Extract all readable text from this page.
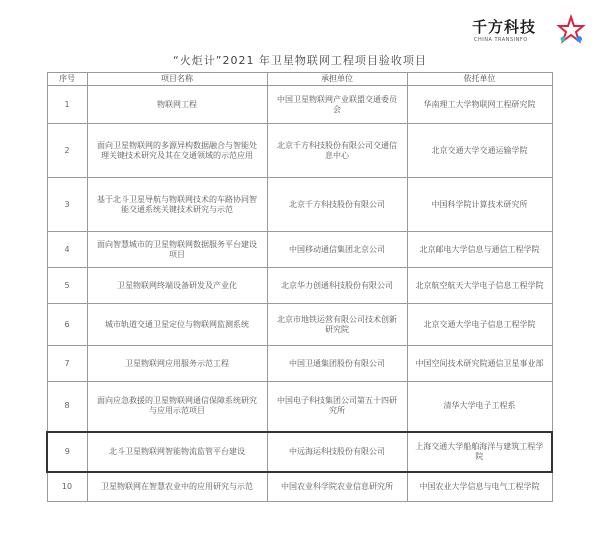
千方科技
CHINA TRANSINFO
“火炬计”2021 年卫星物联网工程项目验收项目
序号	项目名称	承担单位	依托单位
1	物联网工程	中国卫星物联网产业联盟交通委员会	华南理工大学物联网工程研究院
2	面向卫星物联网的多源异构数据融合与智能处理关键技术研究及其在交通领域的示范应用	北京千方科技股份有限公司交通信息中心	北京交通大学交通运输学院
3	基于北斗卫星导航与物联网技术的车路协同智能交通系统关键技术研究与示范	北京千方科技股份有限公司	中国科学院计算技术研究所
4	面向智慧城市的卫星物联网数据服务平台建设项目	中国移动通信集团北京公司	北京邮电大学信息与通信工程学院
5	卫星物联网终端设备研发及产业化	北京华力创通科技股份有限公司	北京航空航天大学电子信息工程学院
6	城市轨道交通卫星定位与物联网监测系统	北京市地铁运营有限公司技术创新研究院	北京交通大学电子信息工程学院
7	卫星物联网应用服务示范工程	中国卫通集团股份有限公司	中国空间技术研究院通信卫星事业部
8	面向应急救援的卫星物联网通信保障系统研究与应用示范项目	中国电子科技集团公司第五十四研究所	清华大学电子工程系
9	北斗卫星物联网智能物流监管平台建设	中远海运科技股份有限公司	上海交通大学船舶海洋与建筑工程学院
10	卫星物联网在智慧农业中的应用研究与示范	中国农业科学院农业信息研究所	中国农业大学信息与电气工程学院
